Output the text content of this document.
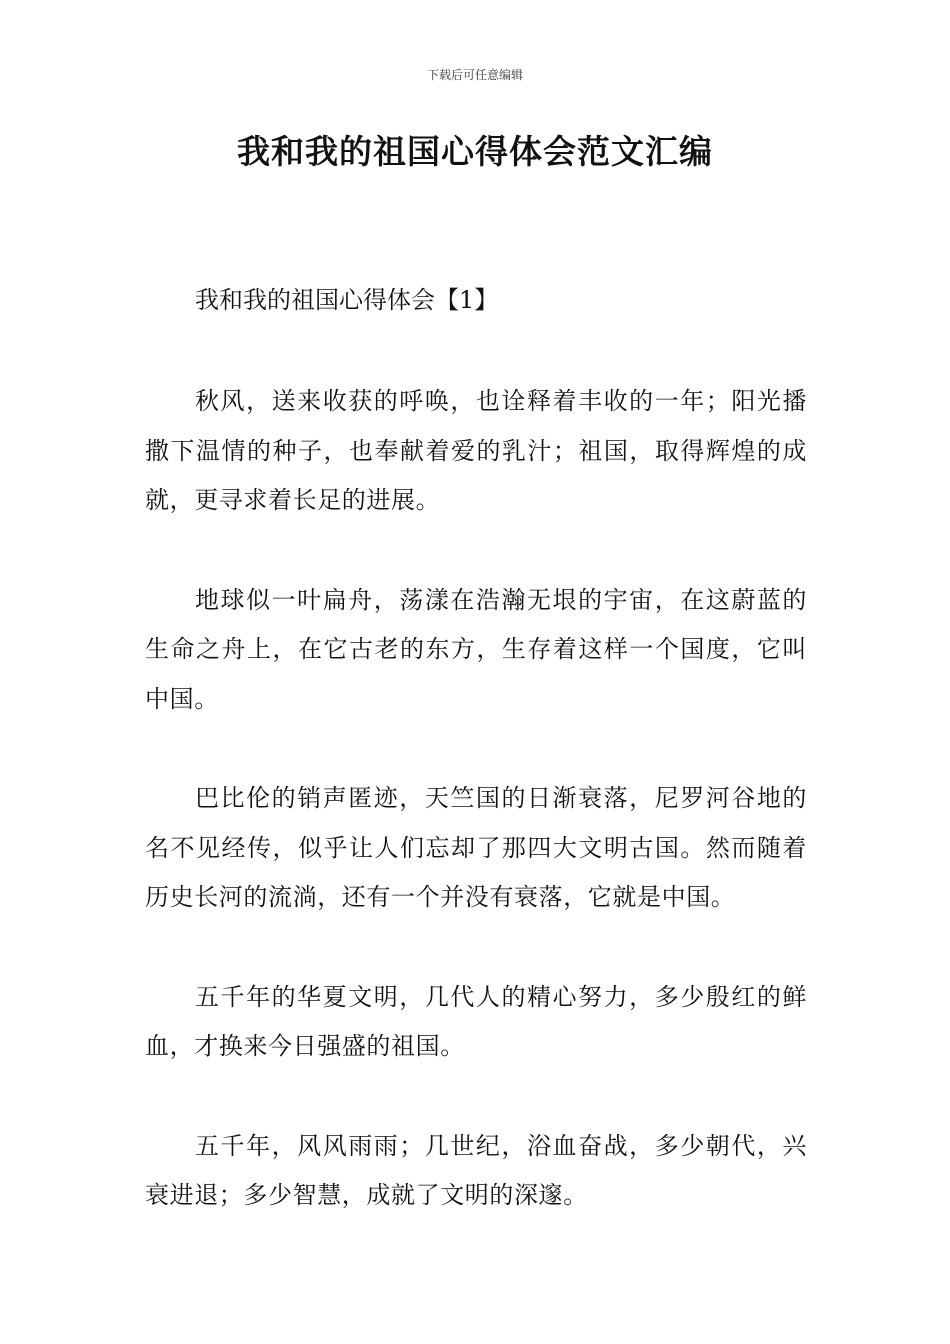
下载后可任意编辑
我和我的祖国心得体会范文汇编
我和我的祖国心得体会【1】

秋风，送来收获的呼唤，也诠释着丰收的一年；阳光播撒下温情的种子，也奉献着爱的乳汁；祖国，取得辉煌的成就，更寻求着长足的进展。

地球似一叶扁舟，荡漾在浩瀚无垠的宇宙，在这蔚蓝的生命之舟上，在它古老的东方，生存着这样一个国度，它叫中国。

巴比伦的销声匿迹，天竺国的日渐衰落，尼罗河谷地的名不见经传，似乎让人们忘却了那四大文明古国。然而随着历史长河的流淌，还有一个并没有衰落，它就是中国。

五千年的华夏文明，几代人的精心努力，多少殷红的鲜血，才换来今日强盛的祖国。

五千年，风风雨雨；几世纪，浴血奋战，多少朝代，兴衰进退；多少智慧，成就了文明的深邃。
